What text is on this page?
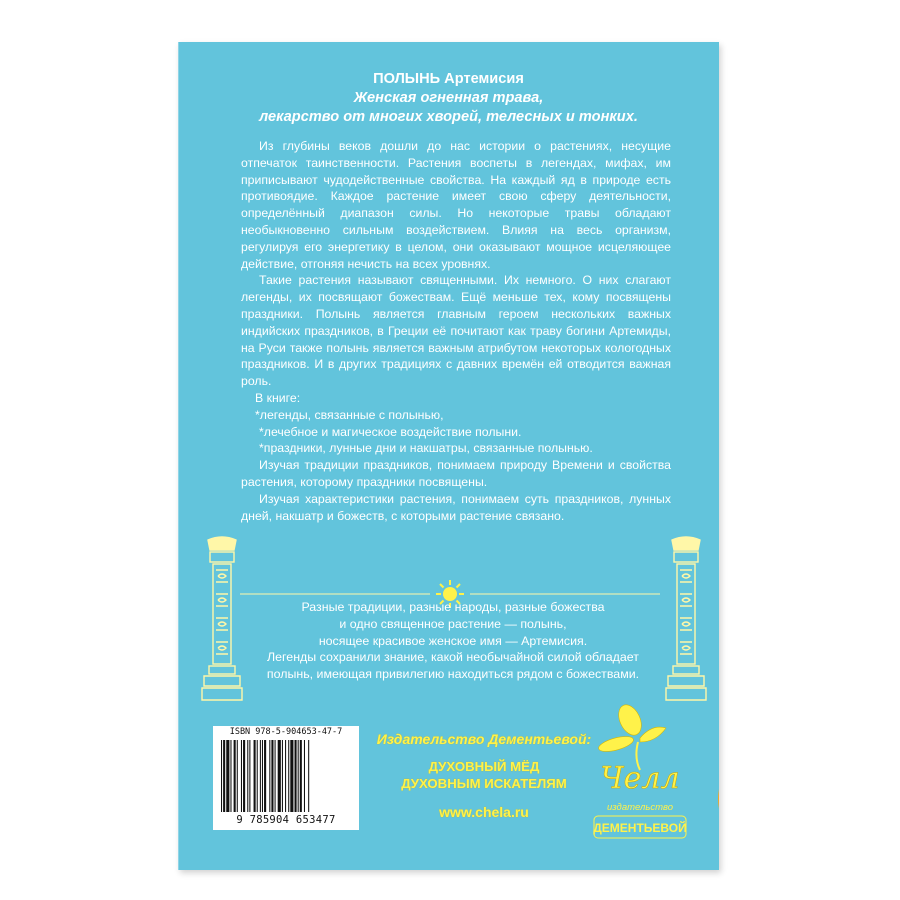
ПОЛЫНЬ Артемисия
Женская огненная трава,
лекарство от многих хворей, телесных и тонких.

Из глубины веков дошли до нас истории о растениях, несущие отпечаток таинственности. Растения воспеты в легендах, мифах, им приписывают чудодейственные свойства. На каждый яд в природе есть противоядие. Каждое растение имеет свою сферу деятельности, определённый диапазон силы. Но некоторые травы обладают необыкновенно сильным воздействием. Влияя на весь организм, регулируя его энергетику в целом, они оказывают мощное исцеляющее действие, отгоняя нечисть на всех уровнях.

Такие растения называют священными. Их немного. О них слагают легенды, их посвящают божествам. Ещё меньше тех, кому посвящены праздники. Полынь является главным героем нескольких важных индийских праздников, в Греции её почитают как траву богини Артемиды, на Руси также полынь является важным атрибутом некоторых кологодных праздников. И в других традициях с давних времён ей отводится важная роль.

В книге:

*легенды, связанные с полынью,

*лечебное и магическое воздействие полыни.

*праздники, лунные дни и накшатры, связанные полынью.

Изучая традиции праздников, понимаем природу Времени и свойства растения, которому праздники посвящены.

Изучая характеристики растения, понимаем суть праздников, лунных дней, накшатр и божеств, с которыми растение связано.

Разные традиции, разные народы, разные божества
и одно священное растение — полынь,
носящее красивое женское имя — Артемисия.
Легенды сохранили знание, какой необычайной силой обладает
полынь, имеющая привилегию находиться рядом с божествами.
ISBN 978-5-904653-47-7
9 785904 653477
Издательство Дементьевой:
ДУХОВНЫЙ МЁД
ДУХОВНЫМ ИСКАТЕЛЯМ
www.chela.ru
Челл
издательство
ДЕМЕНТЬЕВОЙ
